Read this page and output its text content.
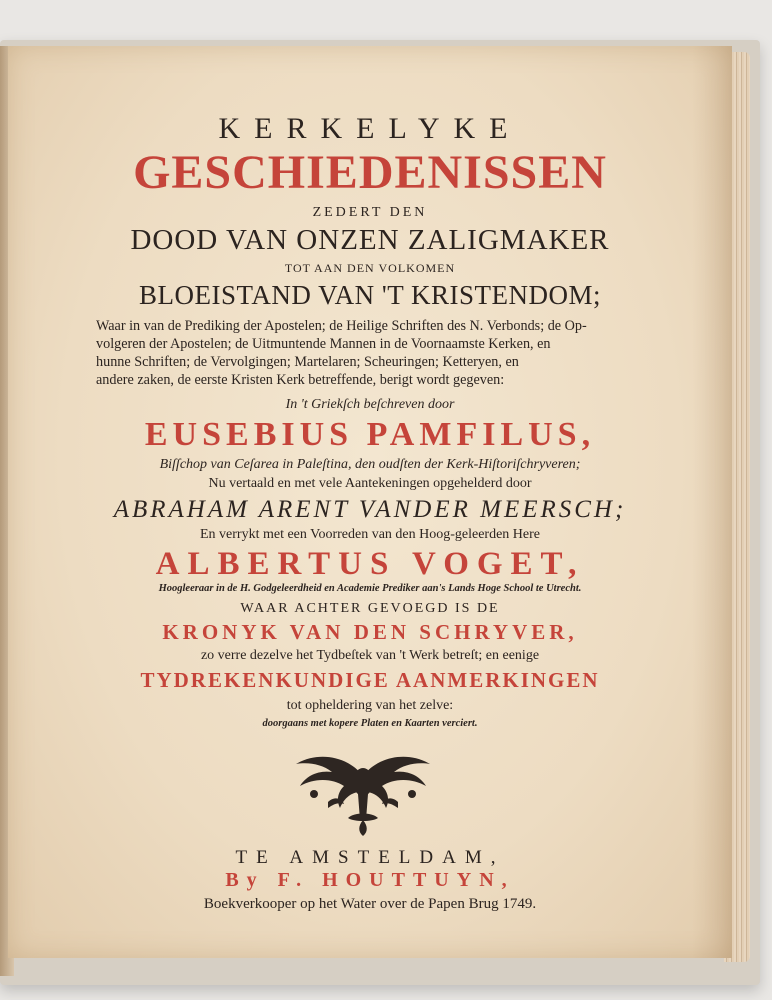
KERKELYKE
GESCHIEDENISSEN
ZEDERT DEN
DOOD VAN ONZEN ZALIGMAKER
TOT AAN DEN VOLKOMEN
BLOEISTAND VAN 'T KRISTENDOM;
Waar in van de Prediking der Apostelen; de Heilige Schriften des N. Verbonds; de Op-
volgeren der Apostelen; de Uitmuntende Mannen in de Voornaamste Kerken, en
hunne Schriften; de Vervolgingen; Martelaren; Scheuringen; Ketteryen, en
andere zaken, de eerste Kristen Kerk betreffende, berigt wordt gegeven:
In 't Griekſch beſchreven door
EUSEBIUS PAMFILUS,
Biſſchop van Ceſarea in Paleſtina, den oudſten der Kerk-Hiſtoriſchryveren;
Nu vertaald en met vele Aantekeningen opgehelderd door
ABRAHAM ARENT VANDER MEERSCH;
En verrykt met een Voorreden van den Hoog-geleerden Here
ALBERTUS VOGET,
Hoogleeraar in de H. Godgeleerdheid en Academie Prediker aan's Lands Hoge School te Utrecht.
WAAR ACHTER GEVOEGD IS DE
KRONYK VAN DEN SCHRYVER,
zo verre dezelve het Tydbeſtek van 't Werk betreſt; en eenige
TYDREKENKUNDIGE AANMERKINGEN
tot opheldering van het zelve:
doorgaans met kopere Platen en Kaarten verciert.
TE AMSTELDAM,
By F. HOUTTUYN,
Boekverkooper op het Water over de Papen Brug 1749.
